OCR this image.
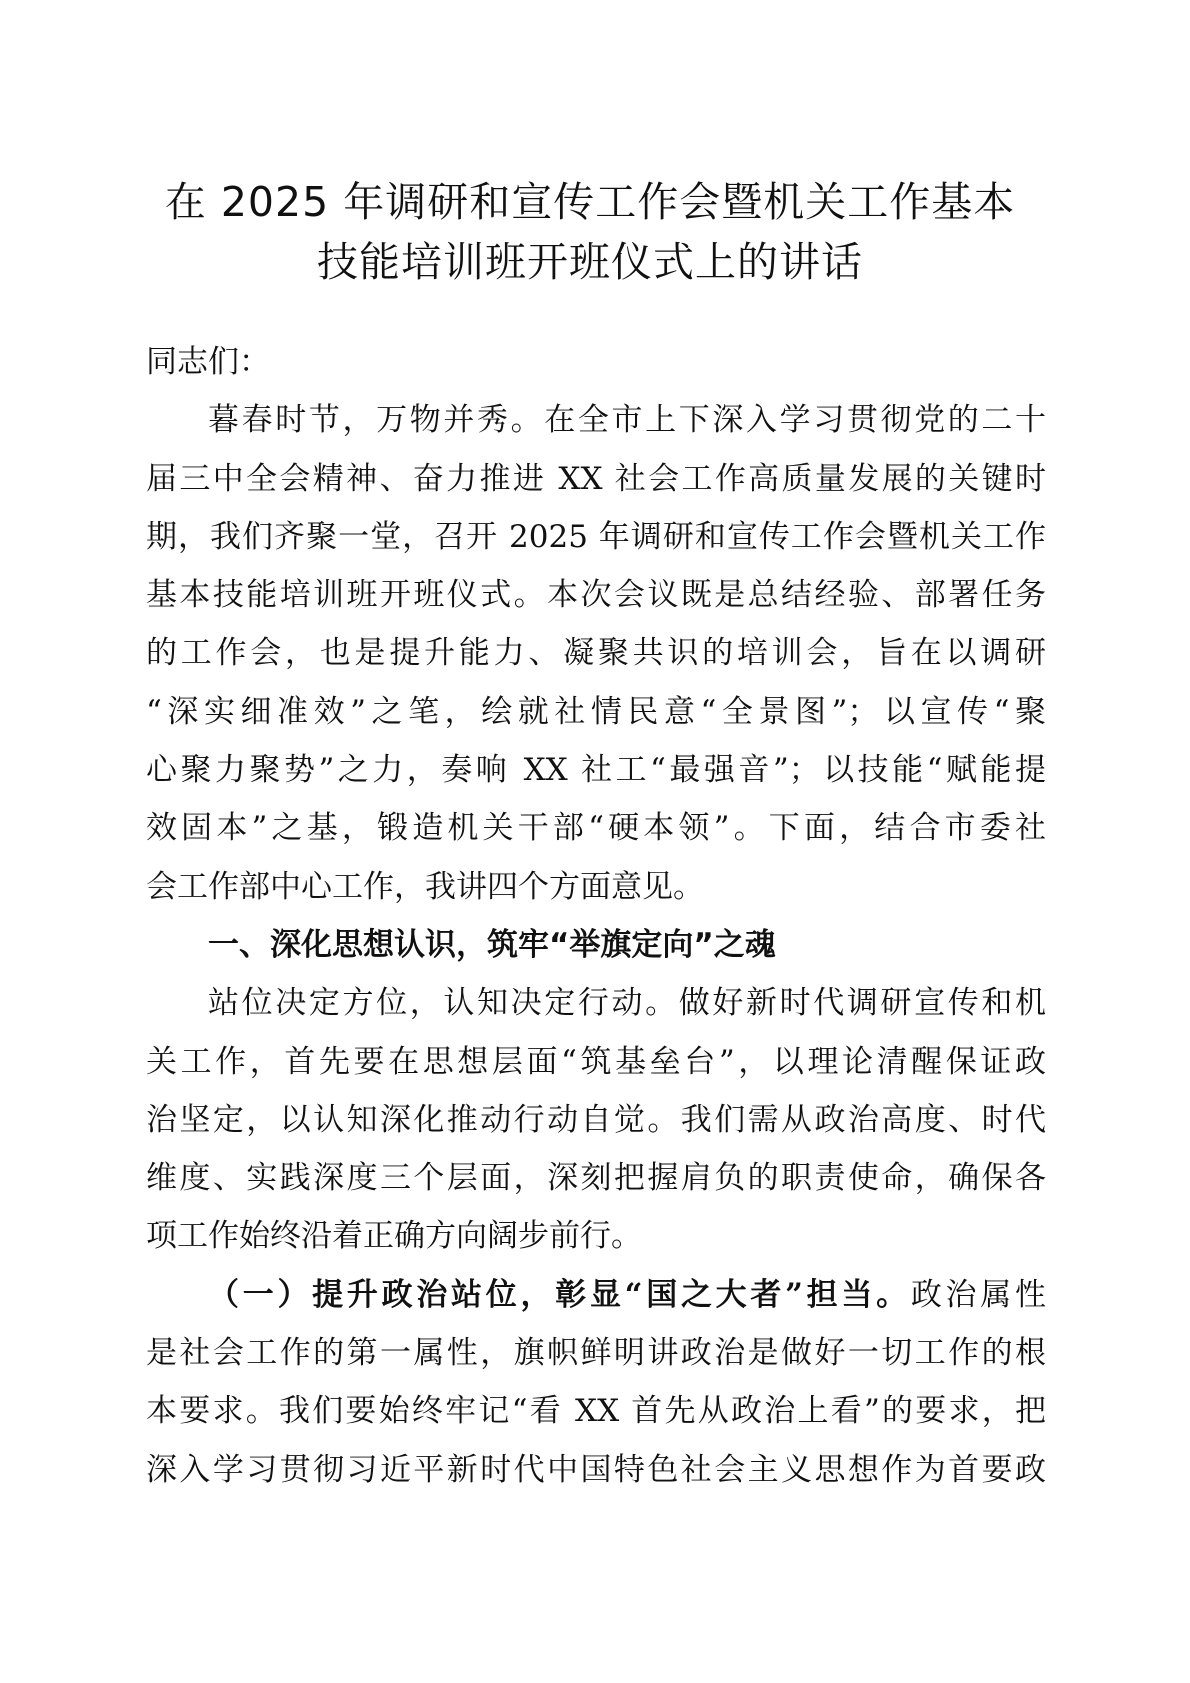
在 2025 年调研和宣传工作会暨机关工作基本
技能培训班开班仪式上的讲话
同志们：
暮春时节，万物并秀。在全市上下深入学习贯彻党的二十
届三中全会精神、奋力推进 XX 社会工作高质量发展的关键时
期，我们齐聚一堂，召开 2025 年调研和宣传工作会暨机关工作
基本技能培训班开班仪式。本次会议既是总结经验、部署任务
的工作会，也是提升能力、凝聚共识的培训会，旨在以调研
“深实细准效”之笔，绘就社情民意“全景图”；以宣传“聚
心聚力聚势”之力，奏响 XX 社工“最强音”；以技能“赋能提
效固本”之基，锻造机关干部“硬本领”。下面，结合市委社
会工作部中心工作，我讲四个方面意见。
一、深化思想认识，筑牢“举旗定向”之魂
站位决定方位，认知决定行动。做好新时代调研宣传和机
关工作，首先要在思想层面“筑基垒台”，以理论清醒保证政
治坚定，以认知深化推动行动自觉。我们需从政治高度、时代
维度、实践深度三个层面，深刻把握肩负的职责使命，确保各
项工作始终沿着正确方向阔步前行。
（一）提升政治站位，彰显“国之大者”担当。政治属性
是社会工作的第一属性，旗帜鲜明讲政治是做好一切工作的根
本要求。我们要始终牢记“看 XX 首先从政治上看”的要求，把
深入学习贯彻习近平新时代中国特色社会主义思想作为首要政
